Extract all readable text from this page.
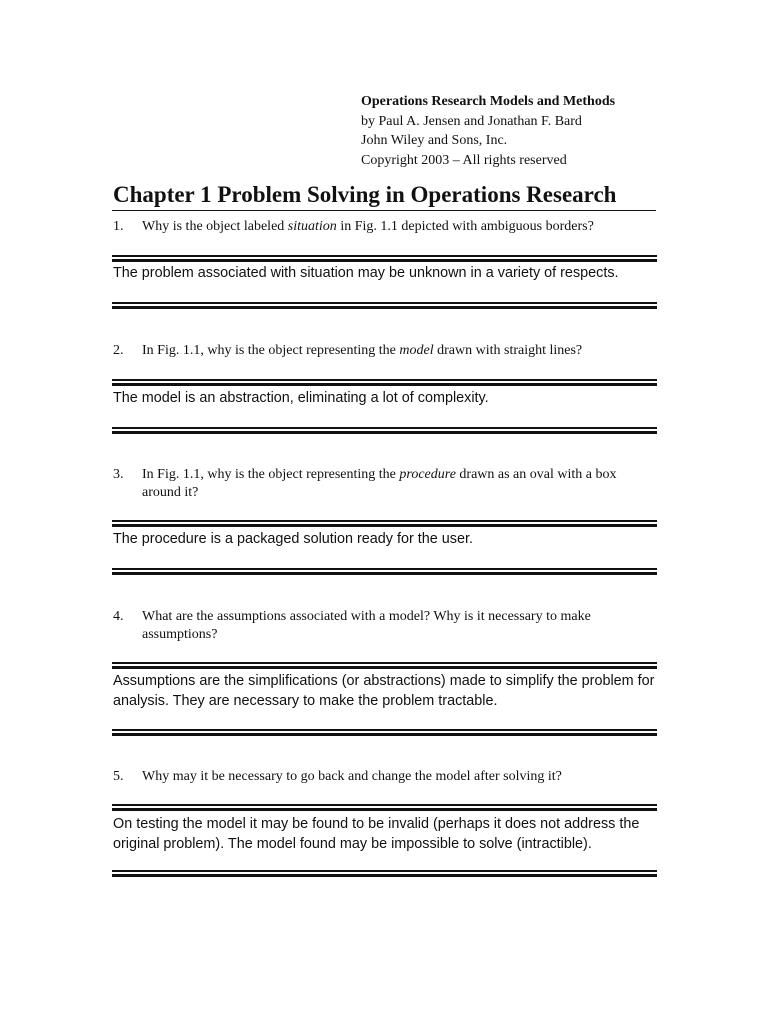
Operations Research Models and Methods
by Paul A. Jensen and Jonathan F. Bard
John Wiley and Sons, Inc.
Copyright 2003 – All rights reserved
Chapter 1 Problem Solving in Operations Research
1. Why is the object labeled situation in Fig. 1.1 depicted with ambiguous borders?
The problem associated with situation may be unknown in a variety of respects.
2. In Fig. 1.1, why is the object representing the model drawn with straight lines?
The model is an abstraction, eliminating a lot of complexity.
3. In Fig. 1.1, why is the object representing the procedure drawn as an oval with a box around it?
The procedure is a packaged solution ready for the user.
4. What are the assumptions associated with a model? Why is it necessary to make assumptions?
Assumptions are the simplifications (or abstractions) made to simplify the problem for analysis. They are necessary to make the problem tractable.
5. Why may it be necessary to go back and change the model after solving it?
On testing the model it may be found to be invalid (perhaps it does not address the original problem). The model found may be impossible to solve (intractible).
